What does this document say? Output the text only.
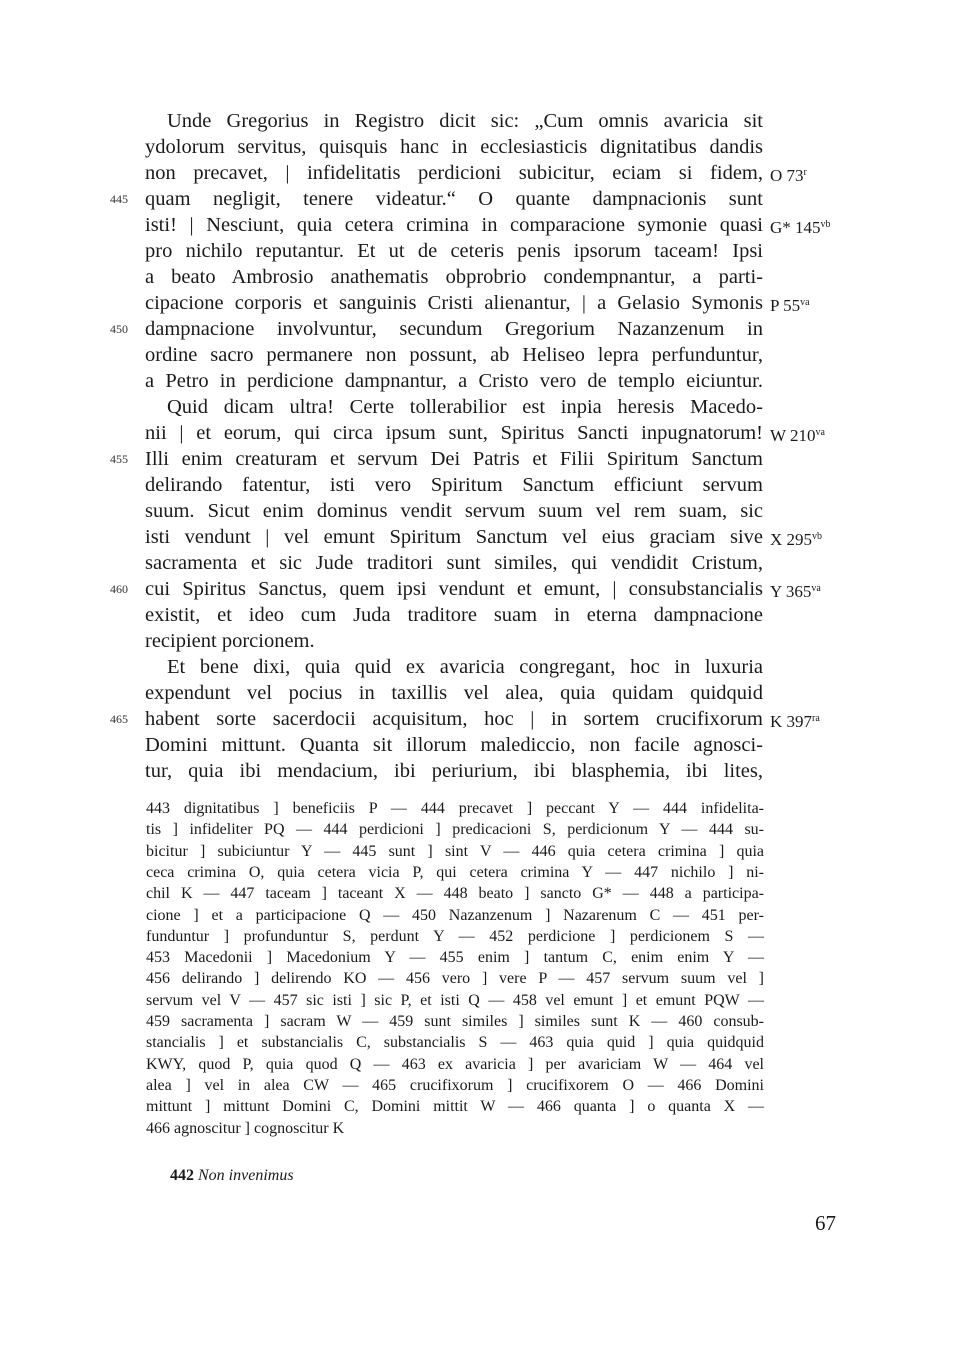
Unde Gregorius in Registro dicit sic: „Cum omnis avaricia sit
ydolorum servitus, quisquis hanc in ecclesiasticis dignitatibus dandis
non precavet, | infidelitatis perdicioni subicitur, eciam si fidem, O 73$^r$
quam negligit, tenere videatur.“ O quante dampnacionis sunt
445
isti! | Nesciunt, quia cetera crimina in comparacione symonie quasi G* $145^{vb}$
pro nichilo reputantur. Et ut de ceteris penis ipsorum taceam! Ipsi
a beato Ambrosio anathematis obprobrio condempnantur, a parti-
cipacione corporis et sanguinis Cristi alienantur, | a Gelasio Symonis P $55^{va}$
dampnacione involvuntur, secundum Gregorium Nazanzenum in
450
ordine sacro permanere non possunt, ab Heliseo lepra perfunduntur,
a Petro in perdicione dampnantur, a Cristo vero de templo eiciuntur.
Quid dicam ultra! Certe tollerabilior est inpia heresis Macedo-
nii | et eorum, qui circa ipsum sunt, Spiritus Sancti inpugnatorum! W $210^{va}$
Illi enim creaturam et servum Dei Patris et Filii Spiritum Sanctum
455
delirando fatentur, isti vero Spiritum Sanctum efficiunt servum
suum. Sicut enim dominus vendit servum suum vel rem suam, sic
isti vendunt | vel emunt Spiritum Sanctum vel eius graciam sive X $295^{vb}$
sacramenta et sic Jude traditori sunt similes, qui vendidit Cristum,
cui Spiritus Sanctus, quem ipsi vendunt et emunt, | consubstancialis
460	Y $365^{va}$
existit, et ideo cum Juda traditore suam in eterna dampnacione
recipient porcionem.
Et bene dixi, quia quid ex avaricia congregant, hoc in luxuria
expendunt vel pocius in taxillis vel alea, quia quidam quidquid
habent sorte sacerdocii acquisitum, hoc | in sortem crucifixorum
465	K $397^{ra}$
Domini mittunt. Quanta sit illorum malediccio, non facile agnosci-
tur, quia ibi mendacium, ibi periurium, ibi blasphemia, ibi lites,
443 dignitatibus ] beneficiis P — 444 precavet ] peccant Y — 444 infidelita-
tis ] infideliter PQ — 444 perdicioni ] predicacioni S, perdicionum Y — 444 su-
bicitur ] subiciuntur Y — 445 sunt ] sint V — 446 quia cetera crimina ] quia
ceca crimina O, quia cetera vicia P, qui cetera crimina Y — 447 nichilo ] ni-
chil K — 447 taceam ] taceant X — 448 beato ] sancto G* — 448 a participa-
cione ] et a participacione Q — 450 Nazanzenum ] Nazarenum C — 451 per-
funduntur ] profunduntur S, perdunt Y — 452 perdicione ] perdicionem S —
453 Macedonii ] Macedonium Y — 455 enim ] tantum C, enim enim Y —
456 delirando ] delirendo KO — 456 vero ] vere P — 457 servum suum vel ]
servum vel V — 457 sic isti ] sic P, et isti Q — 458 vel emunt ] et emunt PQW —
459 sacramenta ] sacram W — 459 sunt similes ] similes sunt K — 460 consub-
stancialis ] et substancialis C, substancialis S — 463 quia quid ] quia quidquid
KWY, quod P, quia quod Q — 463 ex avaricia ] per avariciam W — 464 vel
alea ] vel in alea CW — 465 crucifixorum ] crucifixorem O — 466 Domini
mittunt ] mittunt Domini C, Domini mittit W — 466 quanta ] o quanta X —
466 agnoscitur ] cognoscitur K
442 Non invenimus
67
